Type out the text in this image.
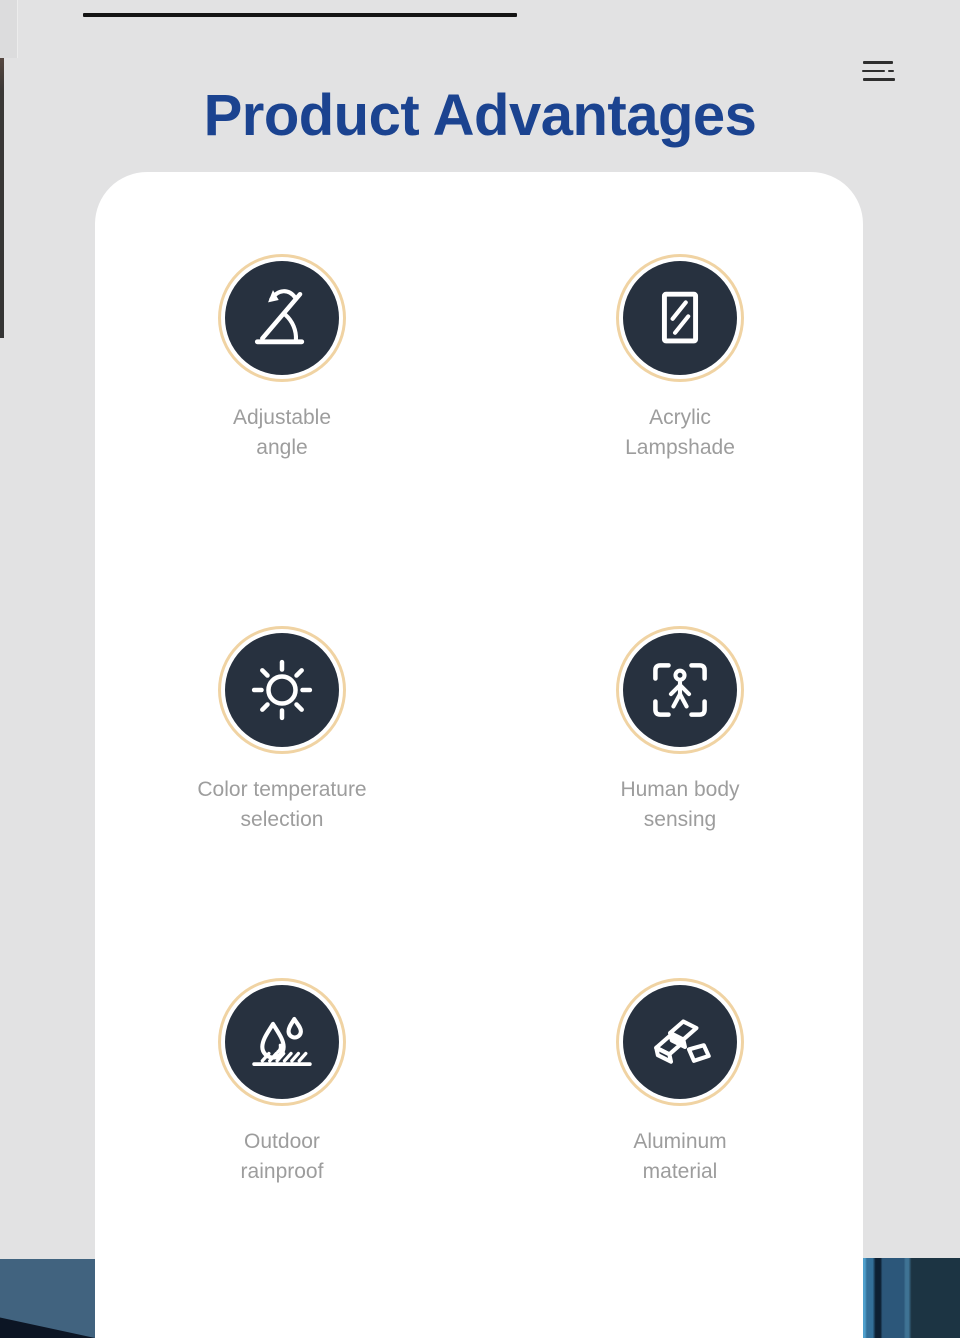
Product Advantages
Adjustable
angle
Acrylic
Lampshade
Color temperature
selection
Human body
sensing
Outdoor
rainproof
Aluminum
material
